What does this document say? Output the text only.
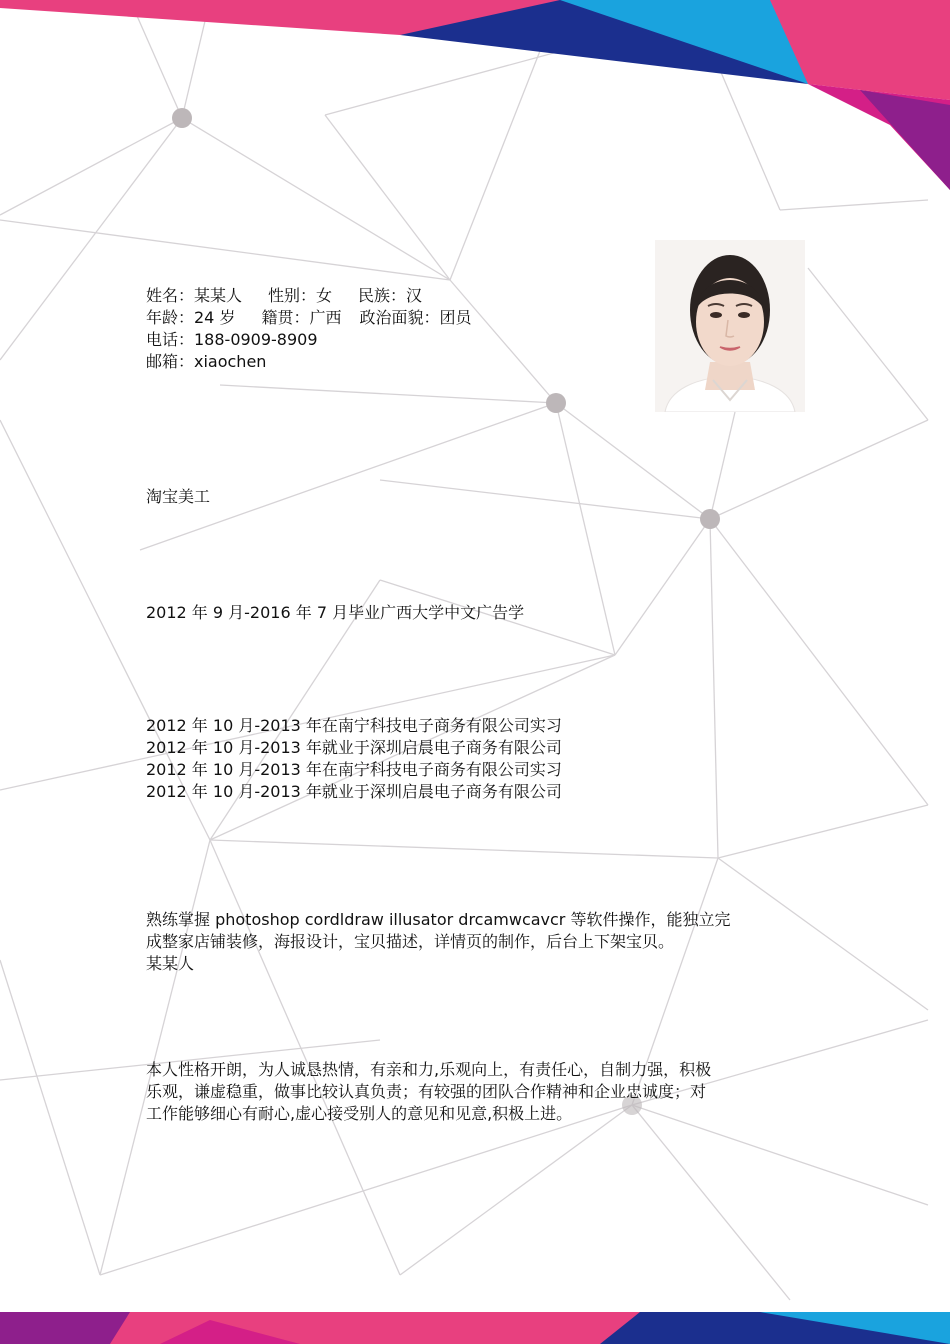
姓名：某某人 性别：女 民族：汉
年龄：24 岁 籍贯：广西 政治面貌：团员
电话：188-0909-8909
邮箱：xiaochen
淘宝美工
2012 年 9 月-2016 年 7 月毕业广西大学中文广告学
2012 年 10 月-2013 年在南宁科技电子商务有限公司实习
2012 年 10 月-2013 年就业于深圳启晨电子商务有限公司
2012 年 10 月-2013 年在南宁科技电子商务有限公司实习
2012 年 10 月-2013 年就业于深圳启晨电子商务有限公司
熟练掌握 photoshop cordldraw illusator drcamwcavcr 等软件操作，能独立完
成整家店铺装修，海报设计，宝贝描述，详情页的制作，后台上下架宝贝。
某某人
本人性格开朗，为人诚恳热情，有亲和力,乐观向上，有责任心，自制力强，积极
乐观，谦虚稳重，做事比较认真负责；有较强的团队合作精神和企业忠诚度；对
工作能够细心有耐心,虚心接受别人的意见和见意,积极上进。
